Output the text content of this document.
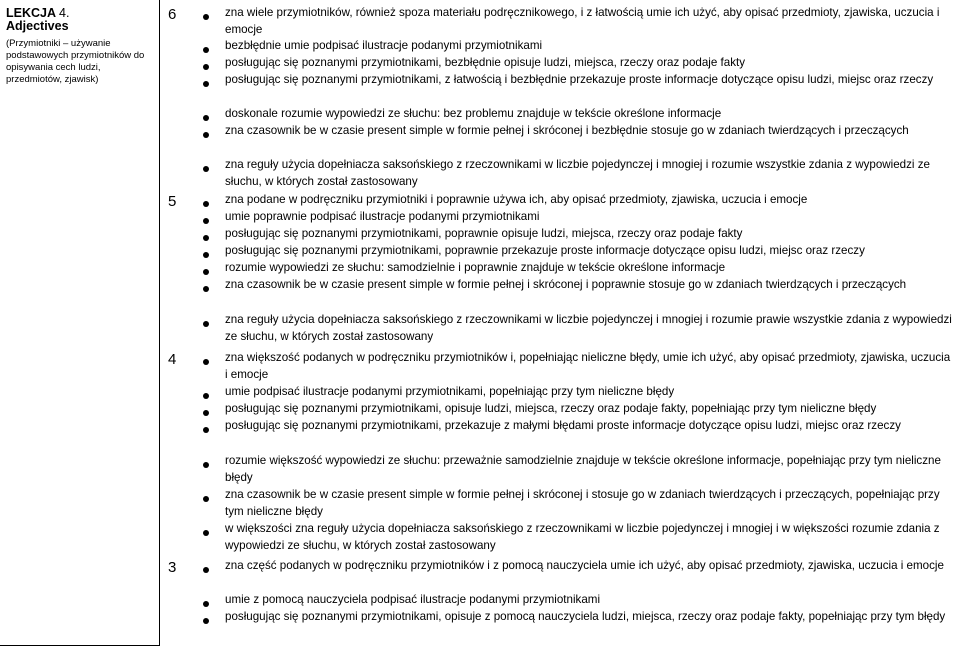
LEKCJA 4.
Adjectives
(Przymiotniki – używanie podstawowych przymiotników do opisywania cech ludzi, przedmiotów, zjawisk)
6	zna wiele przymiotników, również spoza materiału podręcznikowego, i z łatwością umie ich użyć, aby opisać przedmioty, zjawiska, uczucia i emocje
bezbłędnie umie podpisać ilustracje podanymi przymiotnikami
posługując się poznanymi przymiotnikami, bezbłędnie opisuje ludzi, miejsca, rzeczy oraz podaje fakty
posługując się poznanymi przymiotnikami, z łatwością i bezbłędnie przekazuje proste informacje dotyczące opisu ludzi, miejsc oraz rzeczy
doskonale rozumie wypowiedzi ze słuchu: bez problemu znajduje w tekście określone informacje
zna czasownik be w czasie present simple w formie pełnej i skróconej i bezbłędnie stosuje go w zdaniach twierdzących i przeczących
zna reguły użycia dopełniacza saksońskiego z rzeczownikami w liczbie pojedynczej i mnogiej i rozumie wszystkie zdania z wypowiedzi ze słuchu, w których został zastosowany
5	zna podane w podręczniku przymiotniki i poprawnie używa ich, aby opisać przedmioty, zjawiska, uczucia i emocje
umie poprawnie podpisać ilustracje podanymi przymiotnikami
posługując się poznanymi przymiotnikami, poprawnie opisuje ludzi, miejsca, rzeczy oraz podaje fakty
posługując się poznanymi przymiotnikami, poprawnie przekazuje proste informacje dotyczące opisu ludzi, miejsc oraz rzeczy
rozumie wypowiedzi ze słuchu: samodzielnie i poprawnie znajduje w tekście określone informacje
zna czasownik be w czasie present simple w formie pełnej i skróconej i poprawnie stosuje go w zdaniach twierdzących i przeczących
zna reguły użycia dopełniacza saksońskiego z rzeczownikami w liczbie pojedynczej i mnogiej i rozumie prawie wszystkie zdania z wypowiedzi ze słuchu, w których został zastosowany
4	zna większość podanych w podręczniku przymiotników i, popełniając nieliczne błędy, umie ich użyć, aby opisać przedmioty, zjawiska, uczucia i emocje
umie podpisać ilustracje podanymi przymiotnikami, popełniając przy tym nieliczne błędy
posługując się poznanymi przymiotnikami, opisuje ludzi, miejsca, rzeczy oraz podaje fakty, popełniając przy tym nieliczne błędy
posługując się poznanymi przymiotnikami, przekazuje z małymi błędami proste informacje dotyczące opisu ludzi, miejsc oraz rzeczy
rozumie większość wypowiedzi ze słuchu: przeważnie samodzielnie znajduje w tekście określone informacje, popełniając przy tym nieliczne błędy
zna czasownik be w czasie present simple w formie pełnej i skróconej i stosuje go w zdaniach twierdzących i przeczących, popełniając przy tym nieliczne błędy
w większości zna reguły użycia dopełniacza saksońskiego z rzeczownikami w liczbie pojedynczej i mnogiej i w większości rozumie zdania z wypowiedzi ze słuchu, w których został zastosowany
3	zna część podanych w podręczniku przymiotników i z pomocą nauczyciela umie ich użyć, aby opisać przedmioty, zjawiska, uczucia i emocje
umie z pomocą nauczyciela podpisać ilustracje podanymi przymiotnikami
posługując się poznanymi przymiotnikami, opisuje z pomocą nauczyciela ludzi, miejsca, rzeczy oraz podaje fakty, popełniając przy tym błędy
